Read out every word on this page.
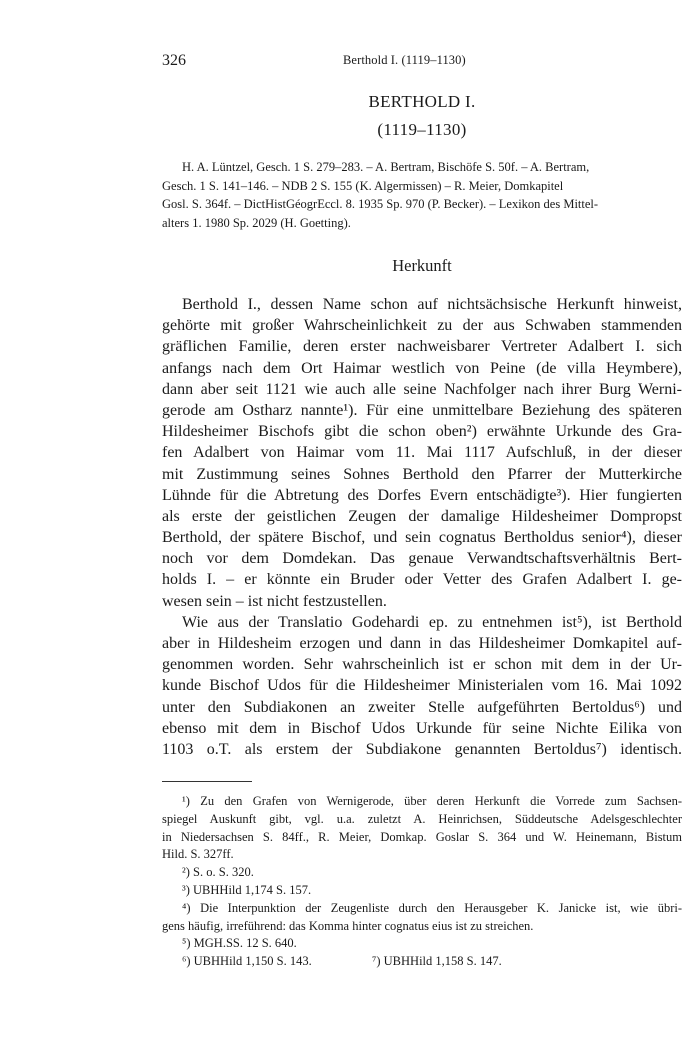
326	Berthold I. (1119–1130)
BERTHOLD I.
(1119–1130)
H. A. Lüntzel, Gesch. 1 S. 279–283. – A. Bertram, Bischöfe S. 50f. – A. Bertram,
Gesch. 1 S. 141–146. – NDB 2 S. 155 (K. Algermissen) – R. Meier, Domkapitel
Gosl. S. 364f. – DictHistGéogrEccl. 8. 1935 Sp. 970 (P. Becker). – Lexikon des Mittel-
alters 1. 1980 Sp. 2029 (H. Goetting).
Herkunft
Berthold I., dessen Name schon auf nichtsächsische Herkunft hinweist,
gehörte mit großer Wahrscheinlichkeit zu der aus Schwaben stammenden
gräflichen Familie, deren erster nachweisbarer Vertreter Adalbert I. sich
anfangs nach dem Ort Haimar westlich von Peine (de villa Heymbere),
dann aber seit 1121 wie auch alle seine Nachfolger nach ihrer Burg Werni-
gerode am Ostharz nannte¹). Für eine unmittelbare Beziehung des späteren
Hildesheimer Bischofs gibt die schon oben²) erwähnte Urkunde des Gra-
fen Adalbert von Haimar vom 11. Mai 1117 Aufschluß, in der dieser
mit Zustimmung seines Sohnes Berthold den Pfarrer der Mutterkirche
Lühnde für die Abtretung des Dorfes Evern entschädigte³). Hier fungierten
als erste der geistlichen Zeugen der damalige Hildesheimer Dompropst
Berthold, der spätere Bischof, und sein cognatus Bertholdus senior⁴), dieser
noch vor dem Domdekan. Das genaue Verwandtschaftsverhältnis Bert-
holds I. – er könnte ein Bruder oder Vetter des Grafen Adalbert I. ge-
wesen sein – ist nicht festzustellen.
Wie aus der Translatio Godehardi ep. zu entnehmen ist⁵), ist Berthold
aber in Hildesheim erzogen und dann in das Hildesheimer Domkapitel auf-
genommen worden. Sehr wahrscheinlich ist er schon mit dem in der Ur-
kunde Bischof Udos für die Hildesheimer Ministerialen vom 16. Mai 1092
unter den Subdiakonen an zweiter Stelle aufgeführten Bertoldus⁶) und
ebenso mit dem in Bischof Udos Urkunde für seine Nichte Eilika von
1103 o.T. als erstem der Subdiakone genannten Bertoldus⁷) identisch.
¹) Zu den Grafen von Wernigerode, über deren Herkunft die Vorrede zum Sachsen-
spiegel Auskunft gibt, vgl. u.a. zuletzt A. Heinrichsen, Süddeutsche Adelsgeschlechter
in Niedersachsen S. 84ff., R. Meier, Domkap. Goslar S. 364 und W. Heinemann, Bistum
Hild. S. 327ff.
²) S. o. S. 320.
³) UBHHild 1,174 S. 157.
⁴) Die Interpunktion der Zeugenliste durch den Herausgeber K. Janicke ist, wie übri-
gens häufig, irreführend: das Komma hinter cognatus eius ist zu streichen.
⁵) MGH.SS. 12 S. 640.
⁶) UBHHild 1,150 S. 143.	⁷) UBHHild 1,158 S. 147.
